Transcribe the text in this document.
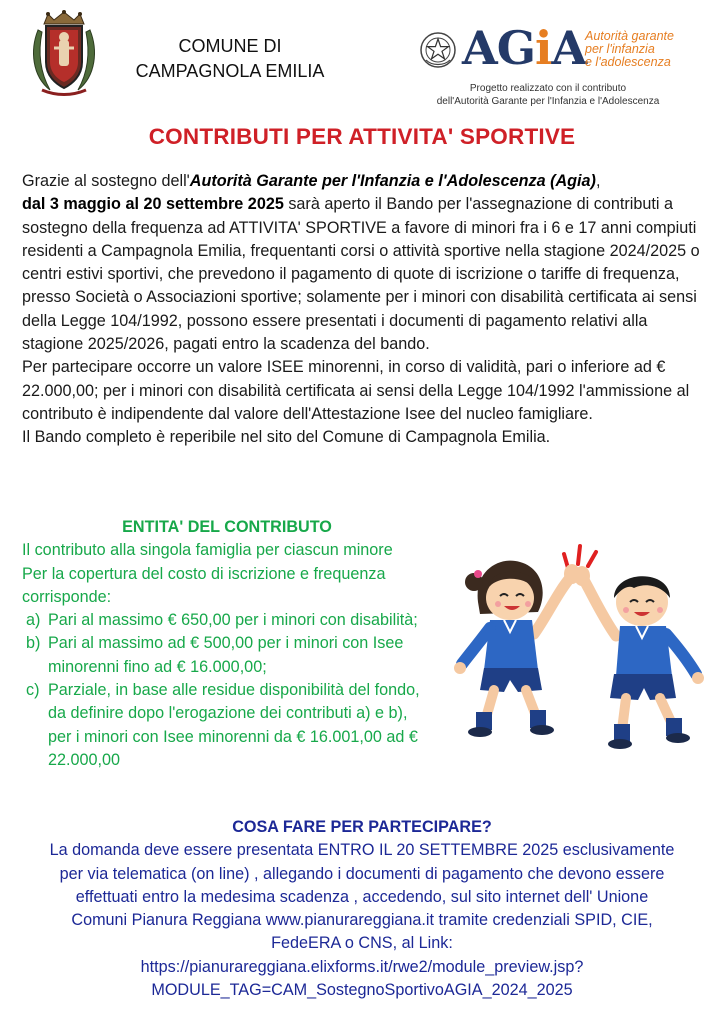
COMUNE DI
CAMPAGNOLA EMILIA	AGiA
Autorità garante
per l'infanzia
e l'adolescenza
Progetto realizzato con il contributo
dell'Autorità Garante per l'Infanzia e l'Adolescenza
CONTRIBUTI PER ATTIVITA' SPORTIVE

Grazie al sostegno dell'Autorità Garante per l'Infanzia e l'Adolescenza (Agia),
dal 3 maggio al 20 settembre 2025 sarà aperto il Bando per l'assegnazione di contributi a sostegno della frequenza ad ATTIVITA' SPORTIVE a favore di minori fra i 6 e 17 anni compiuti residenti a Campagnola Emilia, frequentanti corsi o attività sportive nella stagione 2024/2025 o centri estivi sportivi, che prevedono il pagamento di quote di iscrizione o tariffe di frequenza, presso Società o Associazioni sportive; solamente per i minori con disabilità certificata ai sensi della Legge 104/1992, possono essere presentati i documenti di pagamento relativi alla stagione 2025/2026, pagati entro la scadenza del bando.

Per partecipare occorre un valore ISEE minorenni, in corso di validità, pari o inferiore ad € 22.000,00; per i minori con disabilità certificata ai sensi della Legge 104/1992 l'ammissione al contributo è indipendente dal valore dell'Attestazione Isee del nucleo famigliare.

Il Bando completo è reperibile nel sito del Comune di Campagnola Emilia.

ENTITA' DEL CONTRIBUTO
Il contributo alla singola famiglia per ciascun minore Per la copertura del costo di iscrizione e frequenza corrisponde:
a) Pari al massimo € 650,00 per i minori con disabilità;
b) Pari al massimo ad € 500,00 per i minori con Isee minorenni fino ad € 16.000,00;
c) Parziale, in base alle residue disponibilità del fondo, da definire dopo l'erogazione dei contributi a) e b), per i minori con Isee minorenni da € 16.001,00 ad € 22.000,00
COSA FARE PER PARTECIPARE?

La domanda deve essere presentata ENTRO IL 20 SETTEMBRE 2025 esclusivamente

per via telematica (on line) , allegando i documenti di pagamento che devono essere

effettuati entro la medesima scadenza , accedendo, sul sito internet dell' Unione

Comuni Pianura Reggiana www.pianurareggiana.it tramite credenziali SPID, CIE,

FedeERA o CNS, al Link:

https://pianurareggiana.elixforms.it/rwe2/module_preview.jsp?

MODULE_TAG=CAM_SostegnoSportivoAGIA_2024_2025
